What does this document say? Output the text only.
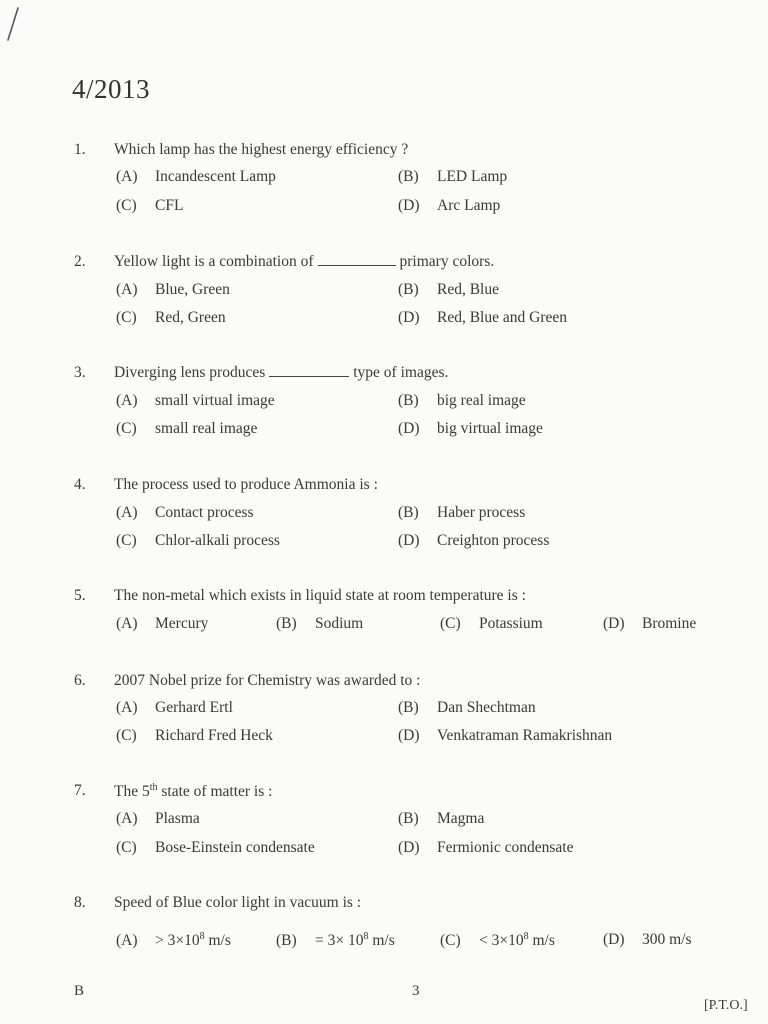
4/2013
1. Which lamp has the highest energy efficiency ?
(A) Incandescent Lamp	(B) LED Lamp
(C) CFL	(D) Arc Lamp
2. Yellow light is a combination of	primary colors.
(A) Blue, Green	(B) Red, Blue
(C) Red, Green	(D) Red, Blue and Green
3. Diverging lens produces	type of images.
(A) small virtual image	(B) big real image
(C) small real image	(D) big virtual image
4. The process used to produce Ammonia is :
(A) Contact process	(B) Haber process
(C) Chlor-alkali process	(D) Creighton process
5. The non-metal which exists in liquid state at room temperature is :
(A) Mercury	(B) Sodium	(C) Potassium	(D) Bromine
6. 2007 Nobel prize for Chemistry was awarded to :
(A) Gerhard Ertl	(B) Dan Shechtman
(C) Richard Fred Heck	(D) Venkatraman Ramakrishnan
7. The 5th state of matter is :
(A) Plasma	(B) Magma
(C) Bose-Einstein condensate	(D) Fermionic condensate
8. Speed of Blue color light in vacuum is :
$(A) > 3\times 10^8$ m/s	$(B) = 3\times 10^8$ m/s	$(C) < 3\times 10^8$ m/s	(D) 300 m/s
B	3
[P.T.O.]
